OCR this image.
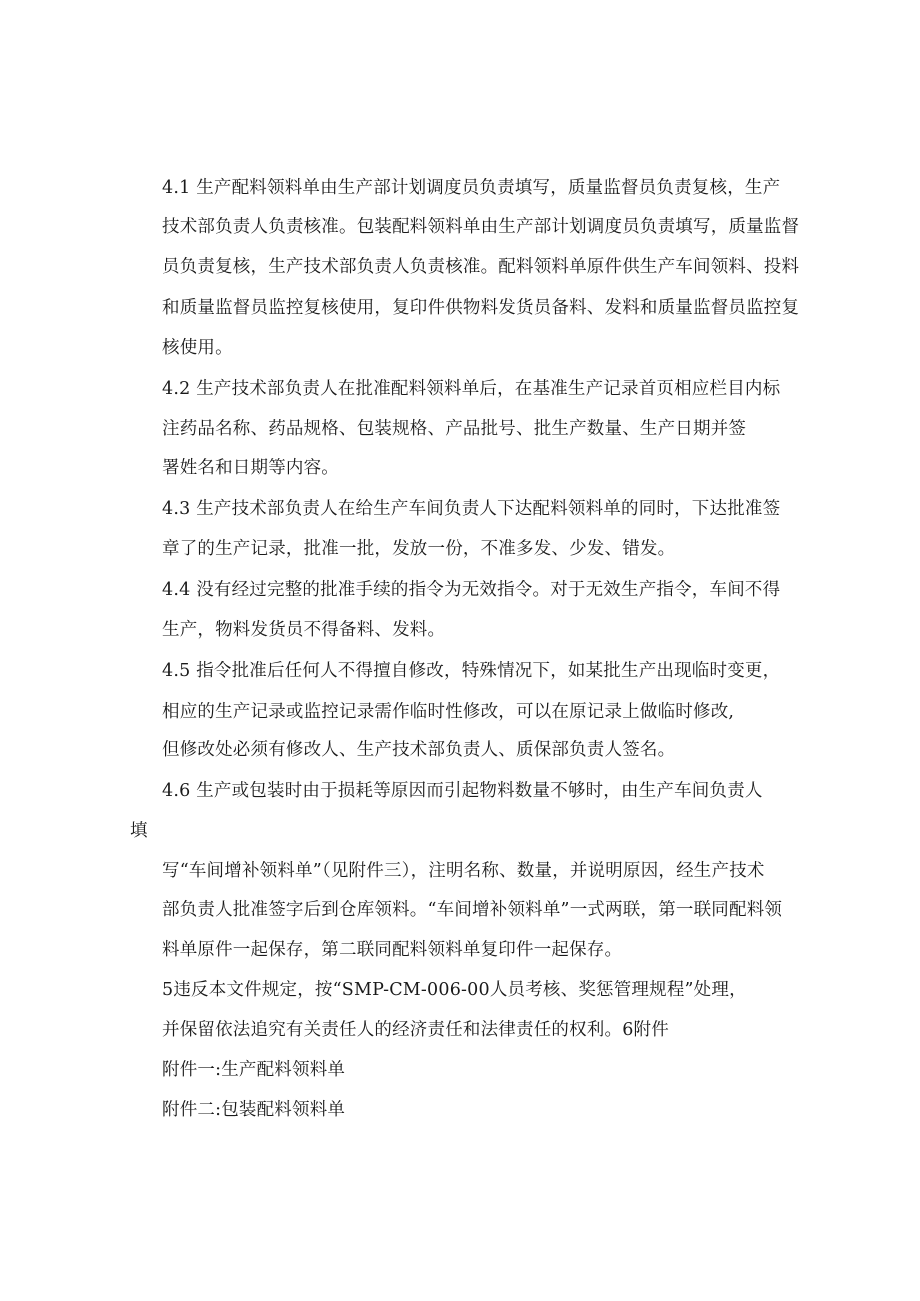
4.1 生产配料领料单由生产部计划调度员负责填写，质量监督员负责复核，生产
技术部负责人负责核准。包装配料领料单由生产部计划调度员负责填写，质量监督
员负责复核，生产技术部负责人负责核准。配料领料单原件供生产车间领料、投料
和质量监督员监控复核使用，复印件供物料发货员备料、发料和质量监督员监控复
核使用。
4.2 生产技术部负责人在批准配料领料单后，在基准生产记录首页相应栏目内标
注药品名称、药品规格、包装规格、产品批号、批生产数量、生产日期并签
署姓名和日期等内容。
4.3 生产技术部负责人在给生产车间负责人下达配料领料单的同时，下达批准签
章了的生产记录，批准一批，发放一份，不准多发、少发、错发。
4.4 没有经过完整的批准手续的指令为无效指令。对于无效生产指令，车间不得
生产，物料发货员不得备料、发料。
4.5 指令批准后任何人不得擅自修改，特殊情况下，如某批生产出现临时变更，
相应的生产记录或监控记录需作临时性修改，可以在原记录上做临时修改,
但修改处必须有修改人、生产技术部负责人、质保部负责人签名。
4.6 生产或包装时由于损耗等原因而引起物料数量不够时，由生产车间负责人
填
写“车间增补领料单”（见附件三），注明名称、数量，并说明原因，经生产技术
部负责人批准签字后到仓库领料。“车间增补领料单”一式两联，第一联同配料领
料单原件一起保存，第二联同配料领料单复印件一起保存。
5违反本文件规定，按“SMP-CM-006-00人员考核、奖惩管理规程”处理，
并保留依法追究有关责任人的经济责任和法律责任的权利。6附件
附件一:生产配料领料单
附件二:包装配料领料单
